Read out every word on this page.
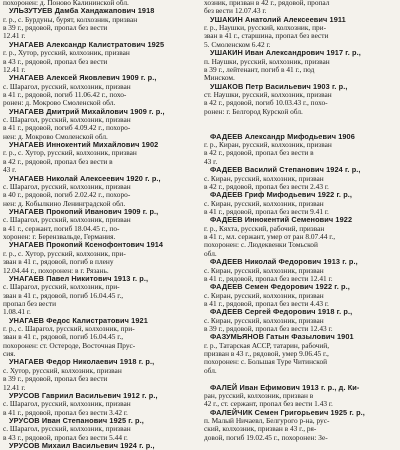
похоронен: д. Поново Калининской обл.
УЛЬЗУТУЕВ Дамба Хандажапович 1918
г. р., с. Бурдуны, бурят, колхозник, призван
в 39 г., рядовой, пропал без вести
12.41 г.
УНАГАЕВ Александр Калистратович 1925
г. р., Хутор, русский, колхозник, призван
в 43 г., рядовой, пропал без вести
12.41 г.
УНАГАЕВ Алексей Яковлевич 1909 г. р.,
с. Шарагол, русский, колхозник, призван
в 41 г., рядовой, погиб 11.06.42 г., похо-
ронен: д. Мокрово Смоленской обл.
УНАГАЕВ Дмитрий Михайлович 1909 г. р.,
с. Шарагол, русский, колхозник, призван
в 41 г., рядовой, погиб 4.09.42 г., похоро-
нен: д. Мокрово Смоленской обл.
УНАГАЕВ Иннокентий Михайлович 1902
г. р., с. Хутор, русский, колхозник, призван
в 42 г., рядовой, пропал без вести в
43 г.
УНАГАЕВ Николай Алексеевич 1920 г. р.,
с. Шарагол, русский, колхозник, призван
в 40 г., рядовой, погиб 2.02.42 г., похоро-
нен: д. Кобылкино Ленинградской обл.
УНАГАЕВ Прокопий Иванович 1909 г. р.,
с. Шарагол, русский, колхозник, призван
в 41 г., сержант, погиб 18.04.45 г., по-
хоронен: г. Берензвальде, Германия.
УНАГАЕВ Прокопий Ксенофонтович 1914
г. р., с. Хутор, русский, колхозник, при-
зван в 41 г., рядовой, погиб в плену
12.04.44 г., похоронен: в г. Рязань.
УНАГАЕВ Павел Никитович 1913 г. р.,
с. Шарагол, русский, колхозник, при-
зван в 41 г., рядовой, погиб 16.04.45 г.,
пропал без вести
1.08.41 г.
УНАГАЕВ Федос Калистратович 1921
г. р., с. Шарагол, русский, колхозник, при-
зван в 41 г., рядовой, погиб 16.04.45 г.,
похоронен: ст. Остероде, Восточная Прус-
сия.
УНАГАЕВ Федор Николаевич 1918 г. р.,
с. Хутор, русский, колхозник, призван
в 39 г., рядовой, пропал без вести
12.41 г.
УРУСОВ Гавриил Васильевич 1912 г. р.,
с. Шарагол, русский, колхозник, призван
в 41 г., рядовой, пропал без вести 3.42 г.
УРУСОВ Иван Степанович 1925 г. р.,
с. Шарагол, русский, колхозник, призван
в 43 г., рядовой, пропал без вести 5.44 г.
УРУСОВ Михаил Васильевич 1924 г. р.,
хозник, призван в 42 г., рядовой, пропал
без вести 12.07.43 г.
УШАКИН Анатолий Алексеевич 1911
г. р., Наушки, русский, колхозник, при-
зван в 41 г., старшина, пропал без вести
5. Смоленском 6.42 г.
УШАКИН Иван Александрович 1917 г. р.,
п. Наушки, русский, колхозник, призван
в 39 г., лейтенант, погиб в 41 г., под
Минском.
УШАКОВ Петр Васильевич 1903 г. р.,
ст. Наушки, русский, колхозник, призван
в 42 г., рядовой, погиб 10.03.43 г., похо-
ронен: г. Белгород Курской обл.
ФАДЕЕВ Александр Мифодьевич 1906
г. р., Киран, русский, колхозник, призван
в 42 г., рядовой, пропал без вести в
43 г.
ФАДЕЕВ Василий Степанович 1924 г. р.,
с. Киран, русский, колхозник, призван
в 42 г., рядовой, пропал без вести 2.43 г.
ФАДЕЕВ Гриф Мифодьевич 1922 г. р.,
с. Киран, русский, колхозник, призван
в 41 г., рядовой, пропал без вести 9.41 г.
ФАДЕЕВ Иннокентий Семенович 1922
г. р., Кяхта, русский, рабочий, призван
в 41 г., мл. сержант, умер от ран 8.07.44 г.,
похоронен: с. Людеквенки Томьской
обл.
ФАДЕЕВ Николай Федорович 1913 г. р.,
с. Киран, русский, колхозник, призван
в 41 г., рядовой, пропал без вести 12.41 г.
ФАДЕЕВ Семен Федорович 1922 г. р.,
с. Киран, русский, колхозник, призван
в 41 г., рядовой, пропал без вести 4.43 г.
ФАДЕЕВ Сергей Федорович 1918 г. р.,
с. Киран, русский, колхозник, призван
в 39 г., рядовой, пропал без вести 12.43 г.
ФАЗУМЬЯНОВ Гатын Фазылович 1901
г. р., Татарская АССР, татарин, рабочий,
призван в 43 г., рядовой, умер 9.06.45 г.,
похоронен: с. Большая Туре Читинской
обл.
ФАЛЕЙ Иван Ефимович 1913 г. р., д. Ки-
ран, русский, колхозник, призван в
42 г., ст. сержант, пропал без вести 1.43 г.
ФАЛЕЙЧИК Семен Григорьевич 1925 г. р.,
п. Малый Ничаевл, Белгурого р-на, рус-
ский, колхозник, призван в 43 г., ря-
довой, погиб 19.02.45 г., похоронен: Зе-
